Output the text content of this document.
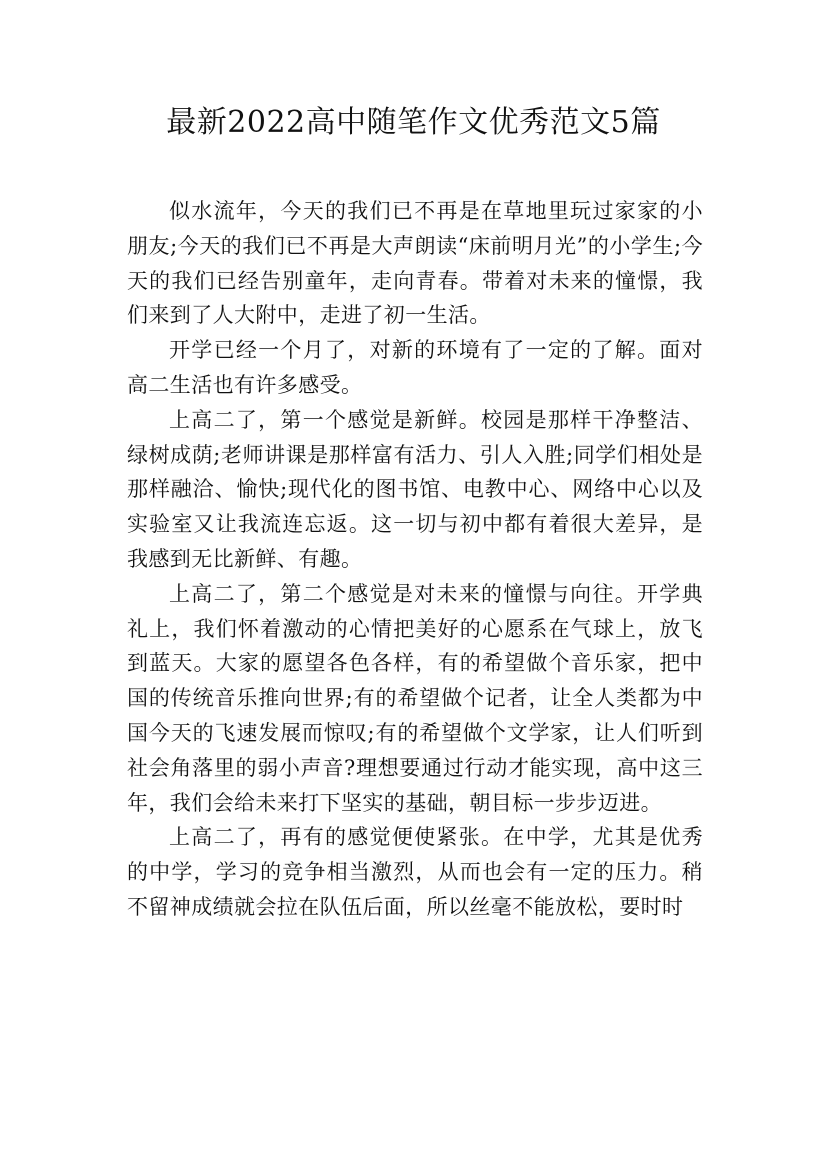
最新2022高中随笔作文优秀范文5篇

似水流年，今天的我们已不再是在草地里玩过家家的小朋友;今天的我们已不再是大声朗读“床前明月光”的小学生;今天的我们已经告别童年，走向青春。带着对未来的憧憬，我们来到了人大附中，走进了初一生活。

开学已经一个月了，对新的环境有了一定的了解。面对高二生活也有许多感受。

上高二了，第一个感觉是新鲜。校园是那样干净整洁、绿树成荫;老师讲课是那样富有活力、引人入胜;同学们相处是那样融洽、愉快;现代化的图书馆、电教中心、网络中心以及实验室又让我流连忘返。这一切与初中都有着很大差异，是我感到无比新鲜、有趣。

上高二了，第二个感觉是对未来的憧憬与向往。开学典礼上，我们怀着激动的心情把美好的心愿系在气球上，放飞到蓝天。大家的愿望各色各样，有的希望做个音乐家，把中国的传统音乐推向世界;有的希望做个记者，让全人类都为中国今天的飞速发展而惊叹;有的希望做个文学家，让人们听到社会角落里的弱小声音?理想要通过行动才能实现，高中这三年，我们会给未来打下坚实的基础，朝目标一步步迈进。

上高二了，再有的感觉便使紧张。在中学，尤其是优秀的中学，学习的竞争相当激烈，从而也会有一定的压力。稍不留神成绩就会拉在队伍后面，所以丝毫不能放松，要时时
